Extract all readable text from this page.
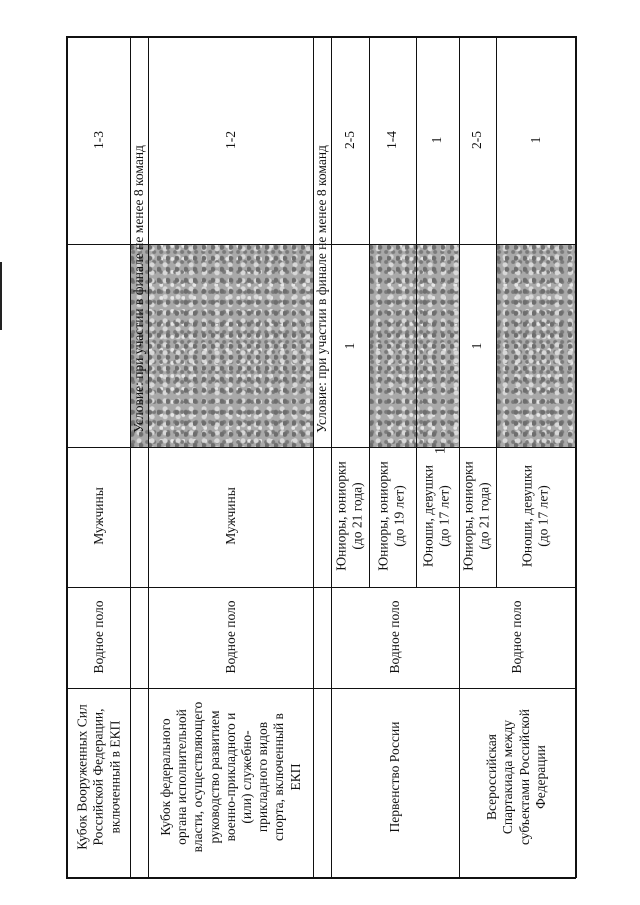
Кубок Вооруженных Сил
Российской Федерации,
включенный в ЕКП
Водное поло
Мужчины
1-3
Условие: при участии в финале не менее 8 команд
Кубок федерального
органа исполнительной
власти, осуществляющего
руководство развитием
военно-прикладного и
(или) служебно-
прикладного видов
спорта, включенный в
ЕКП
Водное поло
Мужчины
1-2
Условие: при участии в финале не менее 8 команд
Первенство России
Водное поло
Юниоры, юниорки
(до 21 года)
1
2-5
Юниоры, юниорки
(до 19 лет)
1-4
Юноши, девушки
(до 17 лет)
1
Всероссийская
Спартакиада между
субъектами Российской
Федерации
Водное поло
Юниоры, юниорки
(до 21 года)
1
2-5
Юноши, девушки
(до 17 лет)
1
